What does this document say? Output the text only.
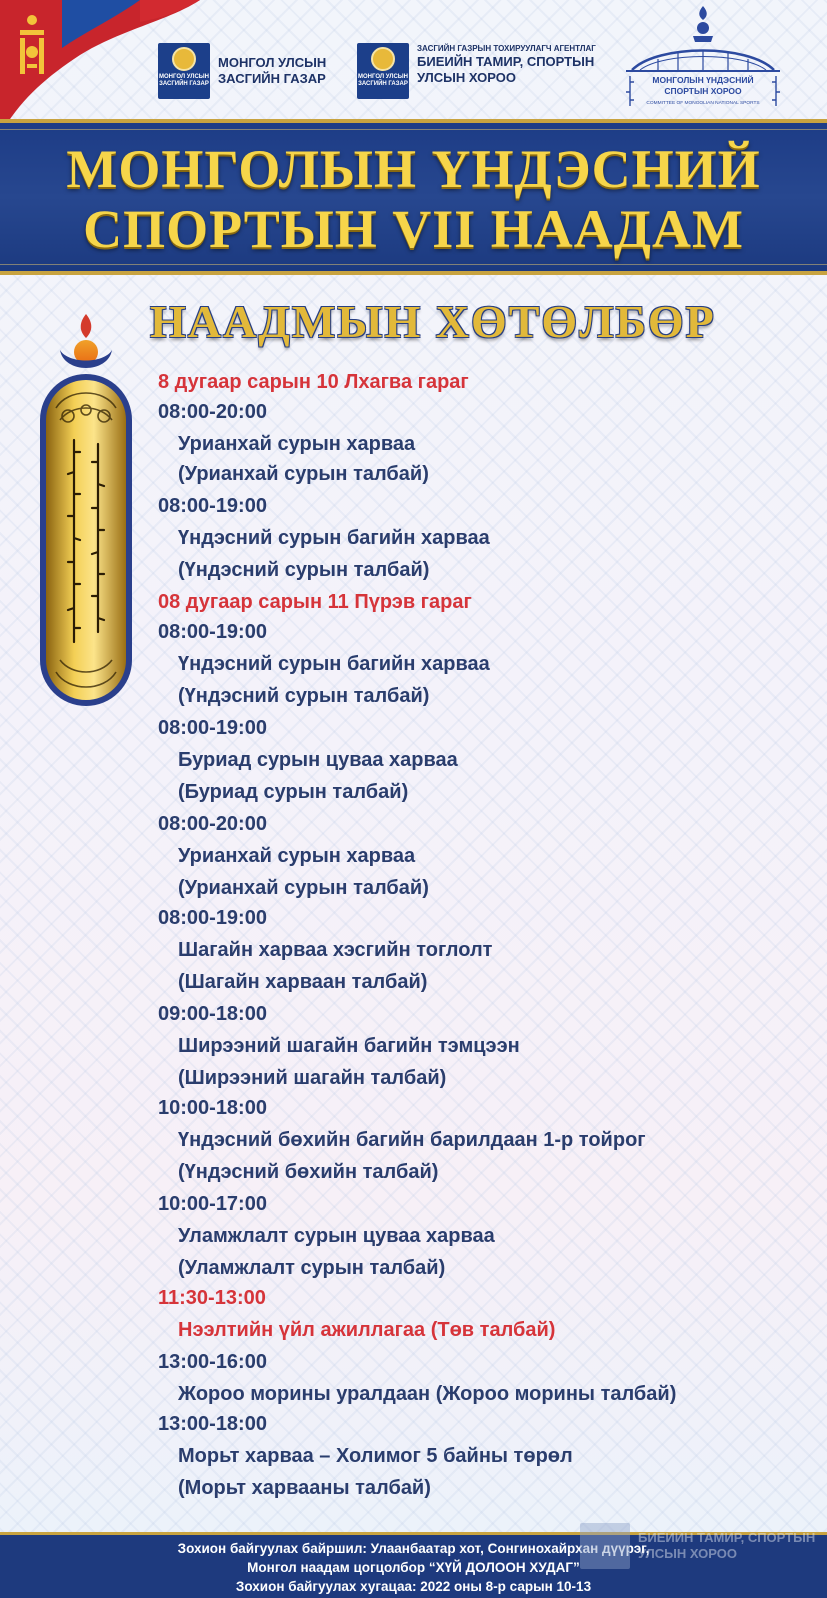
МОНГОЛ УЛСЫН ЗАСГИЙН ГАЗАР
МОНГОЛ УЛСЫН
ЗАСГИЙН ГАЗАР	МОНГОЛ УЛСЫН ЗАСГИЙН ГАЗАР
ЗАСГИЙН ГАЗРЫН ТОХИРУУЛАГЧ АГЕНТЛАГ
БИЕИЙН ТАМИР, СПОРТЫН
УЛСЫН ХОРОО	МОНГОЛЫН ҮНДЭСНИЙ
СПОРТЫН ХОРОО
COMMITTEE OF MONGOLIAN NATIONAL SPORTS
МОНГОЛЫН ҮНДЭСНИЙ
СПОРТЫН VII НААДАМ
НААДМЫН ХӨТӨЛБӨР
8 дугаар сарын 10 Лхагва гараг
08:00-20:00
Урианхай сурын харваа
(Урианхай сурын талбай)
08:00-19:00
Үндэсний сурын багийн харваа
(Үндэсний сурын талбай)
08 дугаар сарын 11 Пүрэв гараг
08:00-19:00
Үндэсний сурын багийн харваа
(Үндэсний сурын талбай)
08:00-19:00
Буриад сурын цуваа харваа
(Буриад сурын талбай)
08:00-20:00
Урианхай сурын харваа
(Урианхай сурын талбай)
08:00-19:00
Шагайн харваа хэсгийн тоглолт
(Шагайн харваан талбай)
09:00-18:00
Ширээний шагайн багийн тэмцээн
(Ширээний шагайн талбай)
10:00-18:00
Үндэсний бөхийн багийн барилдаан 1-р тойрог
(Үндэсний бөхийн талбай)
10:00-17:00
Уламжлалт сурын цуваа харваа
(Уламжлалт сурын талбай)
11:30-13:00
Нээлтийн үйл ажиллагаа (Төв талбай)
13:00-16:00
Жороо морины уралдаан (Жороо морины талбай)
13:00-18:00
Морьт харваа – Холимог 5 байны төрөл
(Морьт харвааны талбай)
Зохион байгуулах байршил: Улаанбаатар хот, Сонгинохайрхан дүүрэг,
Монгол наадам цогцолбор “ХҮЙ ДОЛООН ХУДАГ”
Зохион байгуулах хугацаа: 2022 оны 8-р сарын 10-13
БИЕИЙН ТАМИР, СПОРТЫН
УЛСЫН ХОРОО
